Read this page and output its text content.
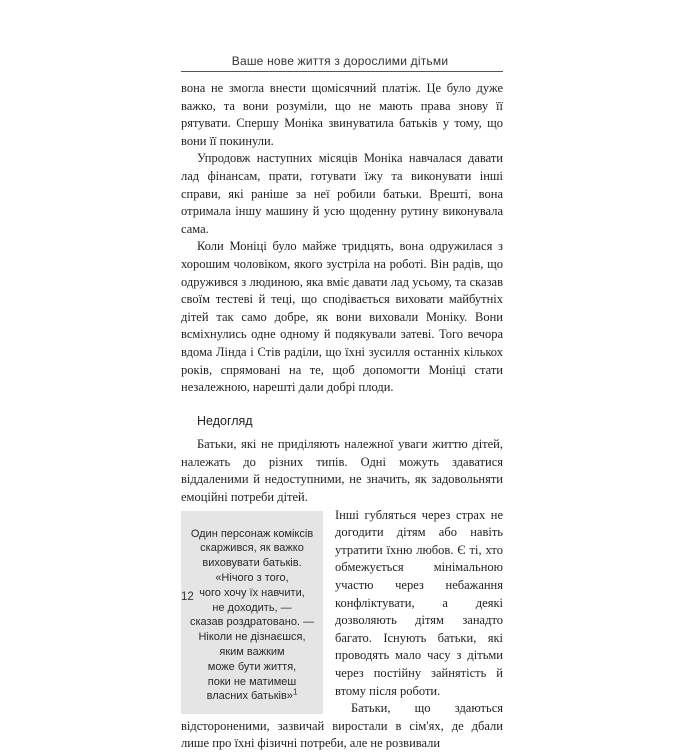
Ваше нове життя з дорослими дітьми

вона не змогла внести щомісячний платіж. Це було дуже важко, та вони розуміли, що не мають права знову її рятувати. Спершу Моніка звинуватила батьків у тому, що вони її покинули.

Упродовж наступних місяців Моніка навчалася давати лад фінансам, прати, готувати їжу та виконувати інші справи, які раніше за неї робили батьки. Врешті, вона отримала іншу машину й усю щоденну рутину виконувала сама.

Коли Моніці було майже тридцять, вона одружилася з хорошим чоловіком, якого зустріла на роботі. Він радів, що одружився з людиною, яка вміє давати лад усьому, та сказав своїм тестеві й теці, що сподівається виховати майбутніх дітей так само добре, як вони виховали Моніку. Вони всміхнулись одне одному й подякували затеві. Того вечора вдома Лінда і Стів раділи, що їхні зусилля останніх кількох років, спрямовані на те, щоб допомогти Моніці стати незалежною, нарешті дали добрі плоди.

Недогляд

Батьки, які не приділяють належної уваги життю дітей, належать до різних типів. Одні можуть здаватися віддаленими й недоступними, не значить, як задовольняти емоційні потреби дітей.

Один персонаж коміксів
скаржився, як важко
виховувати батьків.
«Нічого з того,
чого хочу їх навчити,
не доходить, —
сказав роздратовано. —
Ніколи не дізнаєшся,
яким важким
може бути життя,
поки не матимеш
власних батьків»$^1$

Інші губляться через страх не догодити дітям або навіть утратити їхню любов. Є ті, хто обмежується мінімальною участю через небажання конфліктувати, а деякі дозволяють дітям занадто багато. Існують батьки, які проводять мало часу з дітьми через постійну зайнятість й втому після роботи.

Батьки, що здаються відстороненими, зазвичай виростали в сім'ях, де дбали лише про їхні фізичні потреби, але не розвивали

12
